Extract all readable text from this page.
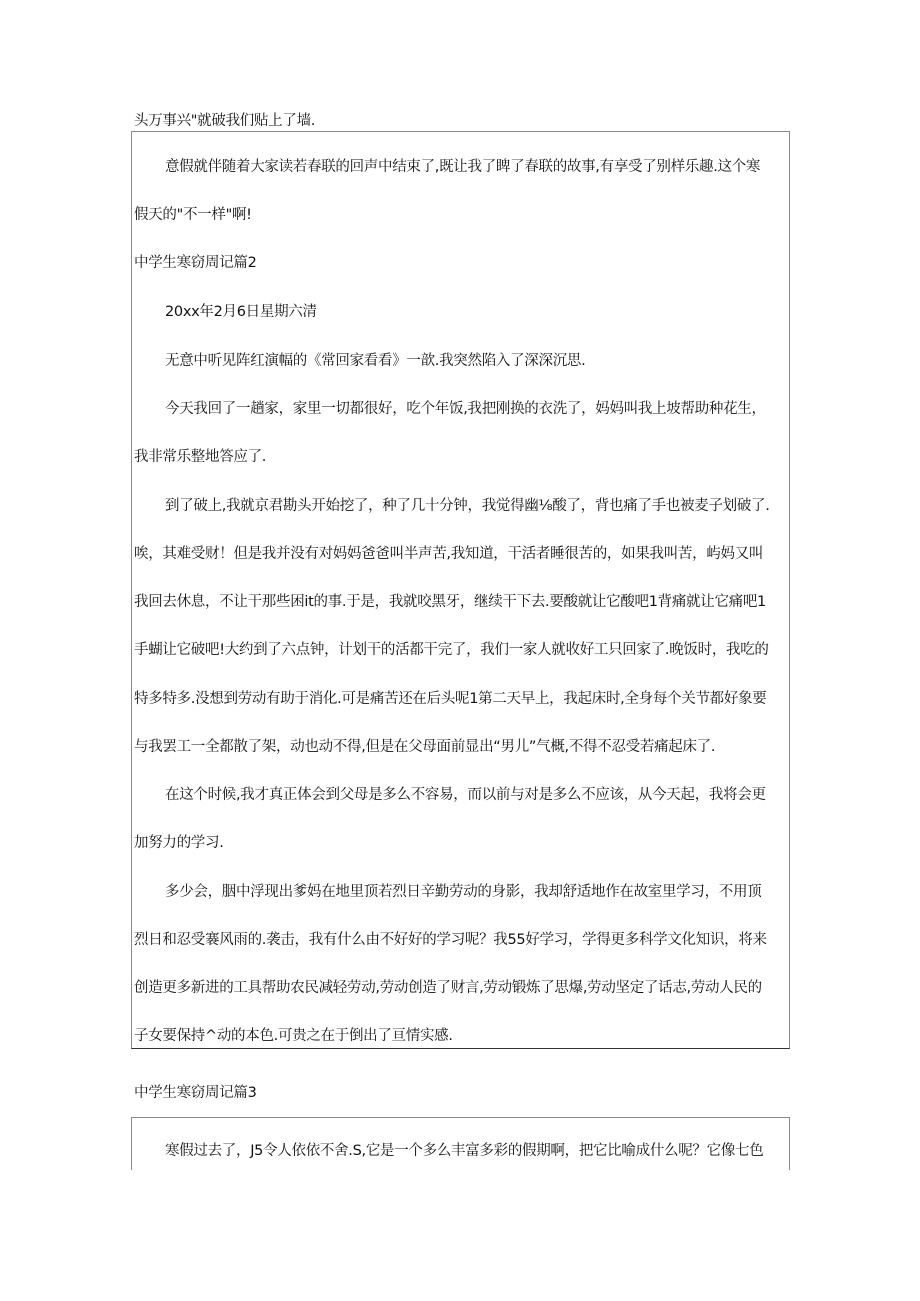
头万事兴"就破我们贴上了墙.
意假就伴随着大家读若春联的回声中结束了,既让我了睥了春联的故事,有享受了别样乐趣.这个寒
假天的"不一样"啊!
中学生寒窃周记篇2
20xx年2月6日星期六清
无意中听见阵红演幅的《常回家看看》一歆.我突然陷入了深深沉思.
今天我回了一趟家，家里一切都很好，吃个年饭,我把刚换的衣洗了，妈妈叫我上坡帮助种花生，
我非常乐整地答应了.
到了破上,我就京君勘头开始挖了，种了几十分钟，我觉得幽⅛酸了，背也痛了手也被麦子划破了.
唉，其难受财！但是我并没有对妈妈爸爸叫半声苦,我知道，干活者睡很苦的，如果我叫苦，屿妈又叫
我回去休息，不让干那些困it的事.于是，我就咬黑牙，继续干下去.要酸就让它酸吧1背痛就让它痛吧1
手蝴让它破吧!大约到了六点钟，计划干的活都干完了，我们一家人就收好工只回家了.晚饭时，我吃的
特多特多.没想到劳动有助于消化.可是痛苦还在后头呢1第二天早上，我起床时,全身每个关节都好象要
与我罢工一全都散了架，动也动不得,但是在父母面前显出“男儿”气概,不得不忍受若痛起床了.
在这个时候,我才真正体会到父母是多么不容易，而以前与对是多么不应该，从今天起，我将会更
加努力的学习.
多少会，胭中浮现出爹妈在地里顶若烈日辛勤劳动的身影，我却舒适地作在故室里学习，不用顶
烈日和忍受褰风雨的.袭击，我有什么由不好好的学习呢？我55好学习，学得更多科学文化知识，将来
创造更多新进的工具帮助农民减轻劳动,劳动创造了财言,劳动锻炼了思爆,劳动坚定了话志,劳动人民的
子女要保持^动的本色.可贵之在于倒出了亘情实感.
中学生寒窃周记篇3
寒假过去了，J5令人依依不舍.S,它是一个多么丰富多彩的假期啊，把它比喻成什么呢？它像七色
